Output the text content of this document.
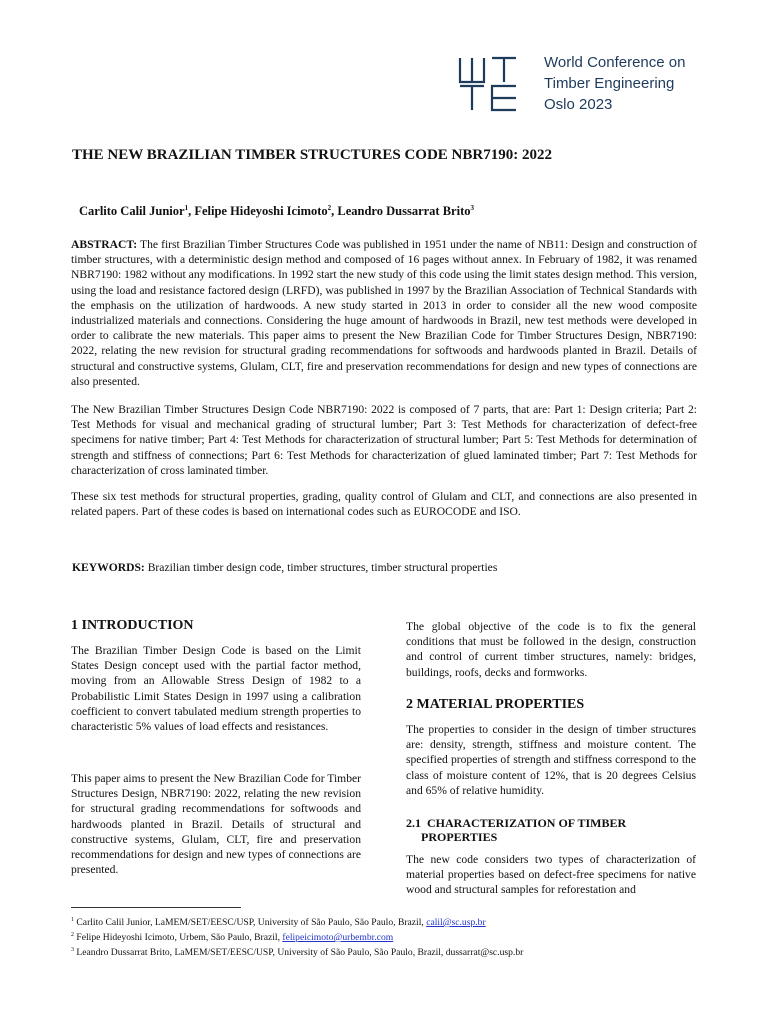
World Conference on
Timber Engineering
Oslo 2023
THE NEW BRAZILIAN TIMBER STRUCTURES CODE NBR7190: 2022
Carlito Calil Junior$^1$, Felipe Hideyoshi Icimoto$^2$, Leandro Dussarrat Brito$^3$
ABSTRACT: The first Brazilian Timber Structures Code was published in 1951 under the name of NB11: Design and construction of timber structures, with a deterministic design method and composed of 16 pages without annex. In February of 1982, it was renamed NBR7190: 1982 without any modifications. In 1992 start the new study of this code using the limit states design method. This version, using the load and resistance factored design (LRFD), was published in 1997 by the Brazilian Association of Technical Standards with the emphasis on the utilization of hardwoods. A new study started in 2013 in order to consider all the new wood composite industrialized materials and connections. Considering the huge amount of hardwoods in Brazil, new test methods were developed in order to calibrate the new materials. This paper aims to present the New Brazilian Code for Timber Structures Design, NBR7190: 2022, relating the new revision for structural grading recommendations for softwoods and hardwoods planted in Brazil. Details of structural and constructive systems, Glulam, CLT, fire and preservation recommendations for design and new types of connections are also presented.
The New Brazilian Timber Structures Design Code NBR7190: 2022 is composed of 7 parts, that are: Part 1: Design criteria; Part 2: Test Methods for visual and mechanical grading of structural lumber; Part 3: Test Methods for characterization of defect-free specimens for native timber; Part 4: Test Methods for characterization of structural lumber; Part 5: Test Methods for determination of strength and stiffness of connections; Part 6: Test Methods for characterization of glued laminated timber; Part 7: Test Methods for characterization of cross laminated timber.
These six test methods for structural properties, grading, quality control of Glulam and CLT, and connections are also presented in related papers. Part of these codes is based on international codes such as EUROCODE and ISO.
KEYWORDS: Brazilian timber design code, timber structures, timber structural properties
1 INTRODUCTION
The Brazilian Timber Design Code is based on the Limit States Design concept used with the partial factor method, moving from an Allowable Stress Design of 1982 to a Probabilistic Limit States Design in 1997 using a calibration coefficient to convert tabulated medium strength properties to characteristic 5% values of load effects and resistances.
This paper aims to present the New Brazilian Code for Timber Structures Design, NBR7190: 2022, relating the new revision for structural grading recommendations for softwoods and hardwoods planted in Brazil. Details of structural and constructive systems, Glulam, CLT, fire and preservation recommendations for design and new types of connections are presented.
The global objective of the code is to fix the general conditions that must be followed in the design, construction and control of current timber structures, namely: bridges, buildings, roofs, decks and formworks.
2 MATERIAL PROPERTIES
The properties to consider in the design of timber structures are: density, strength, stiffness and moisture content. The specified properties of strength and stiffness correspond to the class of moisture content of 12%, that is 20 degrees Celsius and 65% of relative humidity.
2.1 CHARACTERIZATION OF TIMBER
PROPERTIES
The new code considers two types of characterization of material properties based on defect-free specimens for native wood and structural samples for reforestation and
$^1$ Carlito Calil Junior, LaMEM/SET/EESC/USP, University of São Paulo, São Paulo, Brazil, calil@sc.usp.br
$^2$ Felipe Hideyoshi Icimoto, Urbem, São Paulo, Brazil, felipeicimoto@urbembr.com
$^3$ Leandro Dussarrat Brito, LaMEM/SET/EESC/USP, University of São Paulo, São Paulo, Brazil, dussarrat@sc.usp.br
